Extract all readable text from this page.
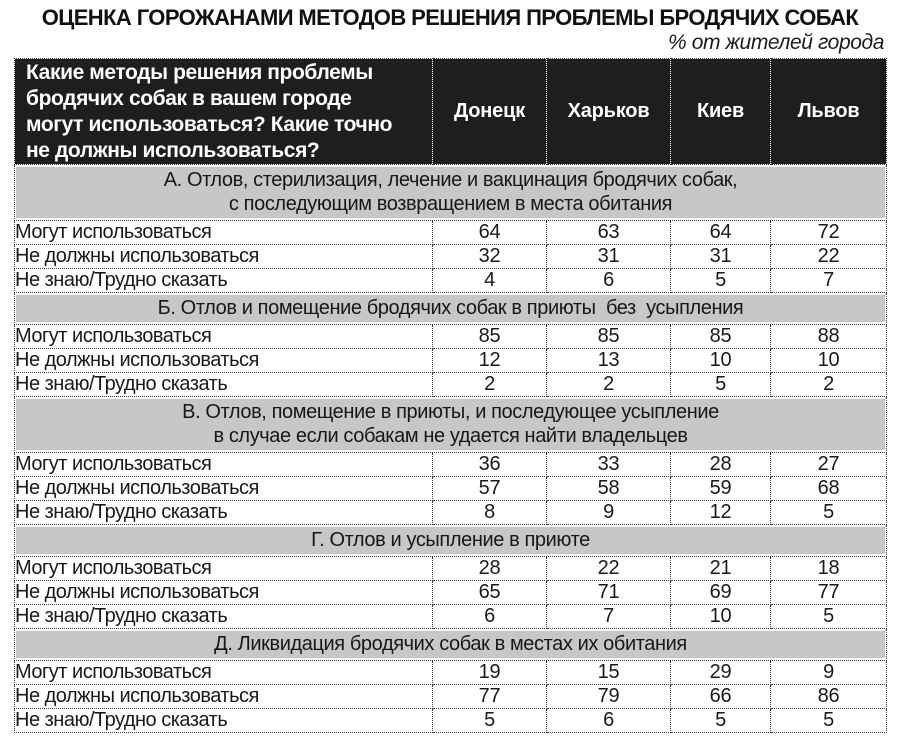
ОЦЕНКА ГОРОЖАНАМИ МЕТОДОВ РЕШЕНИЯ ПРОБЛЕМЫ БРОДЯЧИХ СОБАК
% от жителей города
Какие методы решения проблемы
бродячих собак в вашем городе
могут использоваться? Какие точно
не должны использоваться?	Донецк	Харьков	Киев	Львов

А. Отлов, стерилизация, лечение и вакцинация бродячих собак,
с последующим возвращением в места обитания				

Могут использоваться	64	63	64	72
Не должны использоваться	32	31	31	22
Не знаю/Трудно сказать	4	6	5	7

Б. Отлов и помещение бродячих собак в приюты  без  усыпления				

Могут использоваться	85	85	85	88
Не должны использоваться	12	13	10	10
Не знаю/Трудно сказать	2	2	5	2

В. Отлов, помещение в приюты, и последующее усыпление
в случае если собакам не удается найти владельцев				

Могут использоваться	36	33	28	27
Не должны использоваться	57	58	59	68
Не знаю/Трудно сказать	8	9	12	5

Г. Отлов и усыпление в приюте				

Могут использоваться	28	22	21	18
Не должны использоваться	65	71	69	77
Не знаю/Трудно сказать	6	7	10	5

Д. Ликвидация бродячих собак в местах их обитания				

Могут использоваться	19	15	29	9
Не должны использоваться	77	79	66	86
Не знаю/Трудно сказать	5	6	5	5
